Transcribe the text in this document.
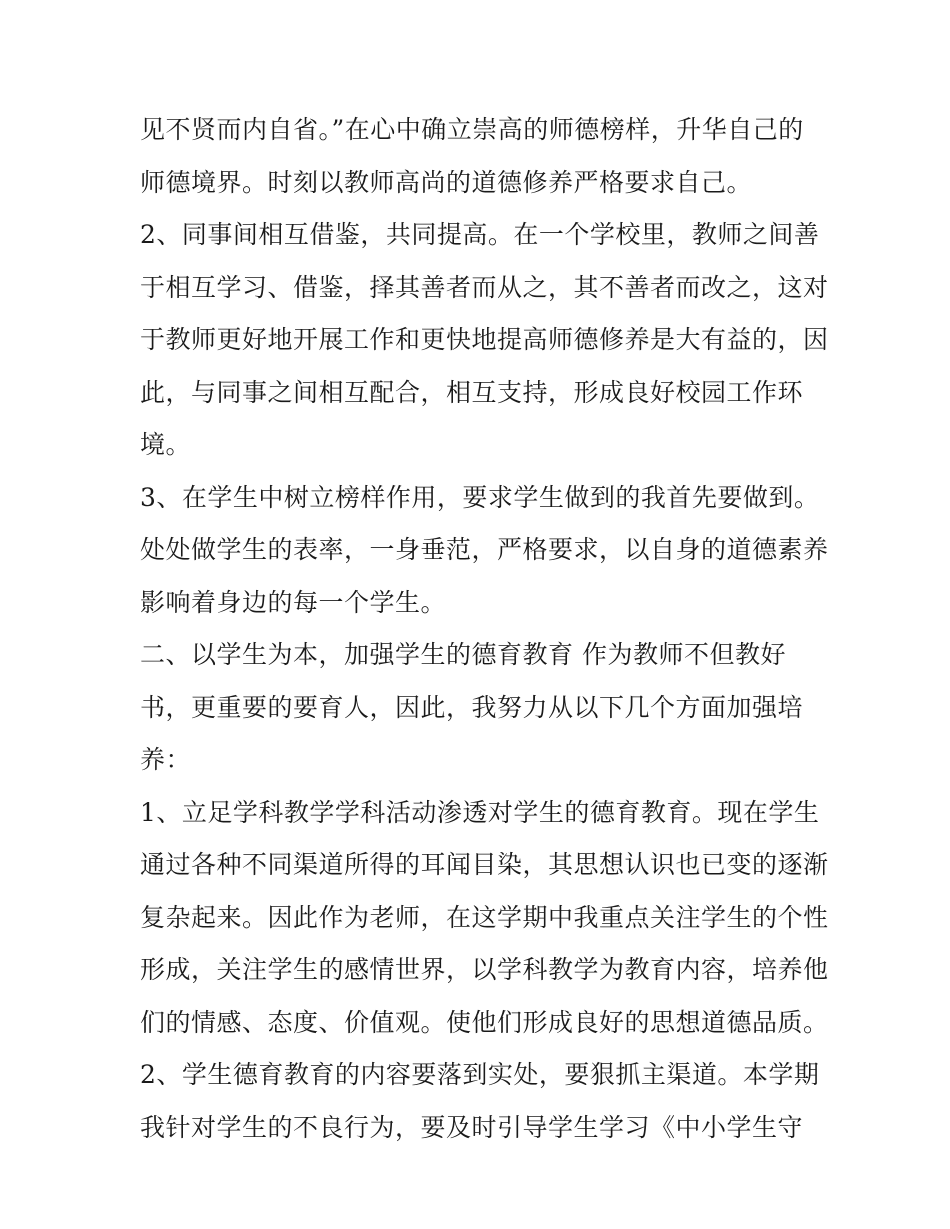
见不贤而内自省。”在心中确立崇高的师德榜样，升华自己的
师德境界。时刻以教师高尚的道德修养严格要求自己。
2、同事间相互借鉴，共同提高。在一个学校里，教师之间善
于相互学习、借鉴，择其善者而从之，其不善者而改之，这对
于教师更好地开展工作和更快地提高师德修养是大有益的，因
此，与同事之间相互配合，相互支持，形成良好校园工作环
境。
3、在学生中树立榜样作用，要求学生做到的我首先要做到。
处处做学生的表率，一身垂范，严格要求，以自身的道德素养
影响着身边的每一个学生。
二、以学生为本，加强学生的德育教育 作为教师不但教好
书，更重要的要育人，因此，我努力从以下几个方面加强培
养：
1、立足学科教学学科活动渗透对学生的德育教育。现在学生
通过各种不同渠道所得的耳闻目染，其思想认识也已变的逐渐
复杂起来。因此作为老师，在这学期中我重点关注学生的个性
形成，关注学生的感情世界，以学科教学为教育内容，培养他
们的情感、态度、价值观。使他们形成良好的思想道德品质。
2、学生德育教育的内容要落到实处，要狠抓主渠道。本学期
我针对学生的不良行为，要及时引导学生学习《中小学生守
